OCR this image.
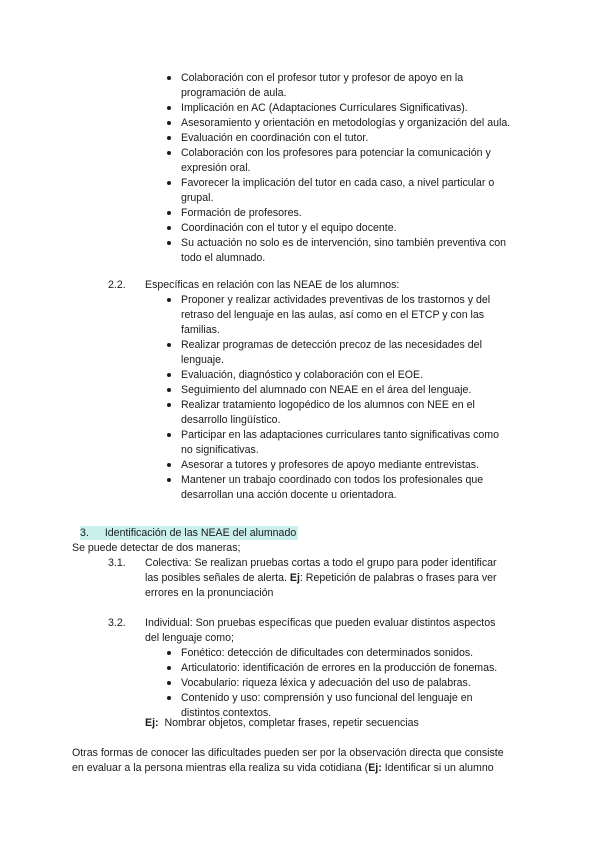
Colaboración con el profesor tutor y profesor de apoyo en la
programación de aula.
Implicación en AC (Adaptaciones Curriculares Significativas).
Asesoramiento y orientación en metodologías y organización del aula.
Evaluación en coordinación con el tutor.
Colaboración con los profesores para potenciar la comunicación y
expresión oral.
Favorecer la implicación del tutor en cada caso, a nivel particular o
grupal.
Formación de profesores.
Coordinación con el tutor y el equipo docente.
Su actuación no solo es de intervención, sino también preventiva con
todo el alumnado.
2.2. Específicas en relación con las NEAE de los alumnos:
Proponer y realizar actividades preventivas de los trastornos y del
retraso del lenguaje en las aulas, así como en el ETCP y con las
familias.
Realizar programas de detección precoz de las necesidades del
lenguaje.
Evaluación, diagnóstico y colaboración con el EOE.
Seguimiento del alumnado con NEAE en el área del lenguaje.
Realizar tratamiento logopédico de los alumnos con NEE en el
desarrollo lingüístico.
Participar en las adaptaciones curriculares tanto significativas como
no significativas.
Asesorar a tutores y profesores de apoyo mediante entrevistas.
Mantener un trabajo coordinado con todos los profesionales que
desarrollan una acción docente u orientadora.
3. Identificación de las NEAE del alumnado
Se puede detectar de dos maneras;
3.1. Colectiva: Se realizan pruebas cortas a todo el grupo para poder identificar
las posibles señales de alerta. Ej: Repetición de palabras o frases para ver
errores en la pronunciación
3.2. Individual: Son pruebas específicas que pueden evaluar distintos aspectos
del lenguaje como;
Fonético: detección de dificultades con determinados sonidos.
Articulatorio: identificación de errores en la producción de fonemas.
Vocabulario: riqueza léxica y adecuación del uso de palabras.
Contenido y uso: comprensión y uso funcional del lenguaje en
distintos contextos.
Ej: Nombrar objetos, completar frases, repetir secuencias
Otras formas de conocer las dificultades pueden ser por la observación directa que consiste
en evaluar a la persona mientras ella realiza su vida cotidiana (Ej: Identificar si un alumno
